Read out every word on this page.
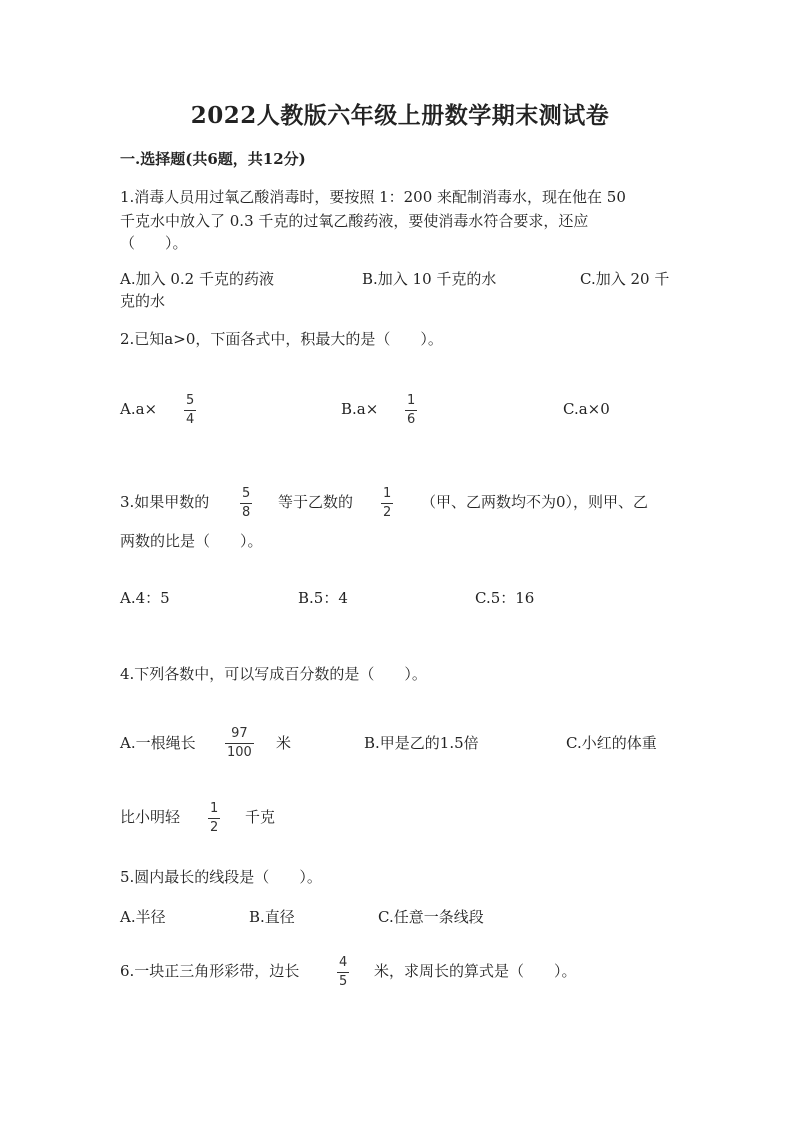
2022人教版六年级上册数学期末测试卷
一.选择题(共6题，共12分)
1.消毒人员用过氧乙酸消毒时，要按照 1：200 来配制消毒水，现在他在 50
千克水中放入了 0.3 千克的过氧乙酸药液，要使消毒水符合要求，还应
（　　）。
A.加入 0.2 千克的药液	B.加入 10 千克的水	C.加入 20 千
克的水
2.已知a>0，下面各式中，积最大的是（　　）。
A.a× 5
4
B.a× 1
6
C.a×0
3.如果甲数的	5
8
等于乙数的 1
2
（甲、乙两数均不为0），则甲、乙
两数的比是（　　）。
A.4：5	B.5：4	C.5：16
4.下列各数中，可以写成百分数的是（　　）。
A.一根绳长
97
100
米	B.甲是乙的1.5倍	C.小红的体重
比小明轻 1
2
千克
5.圆内最长的线段是（　　）。
A.半径	B.直径	C.任意一条线段
6.一块正三角形彩带，边长	4
5
米，求周长的算式是（　　）。
